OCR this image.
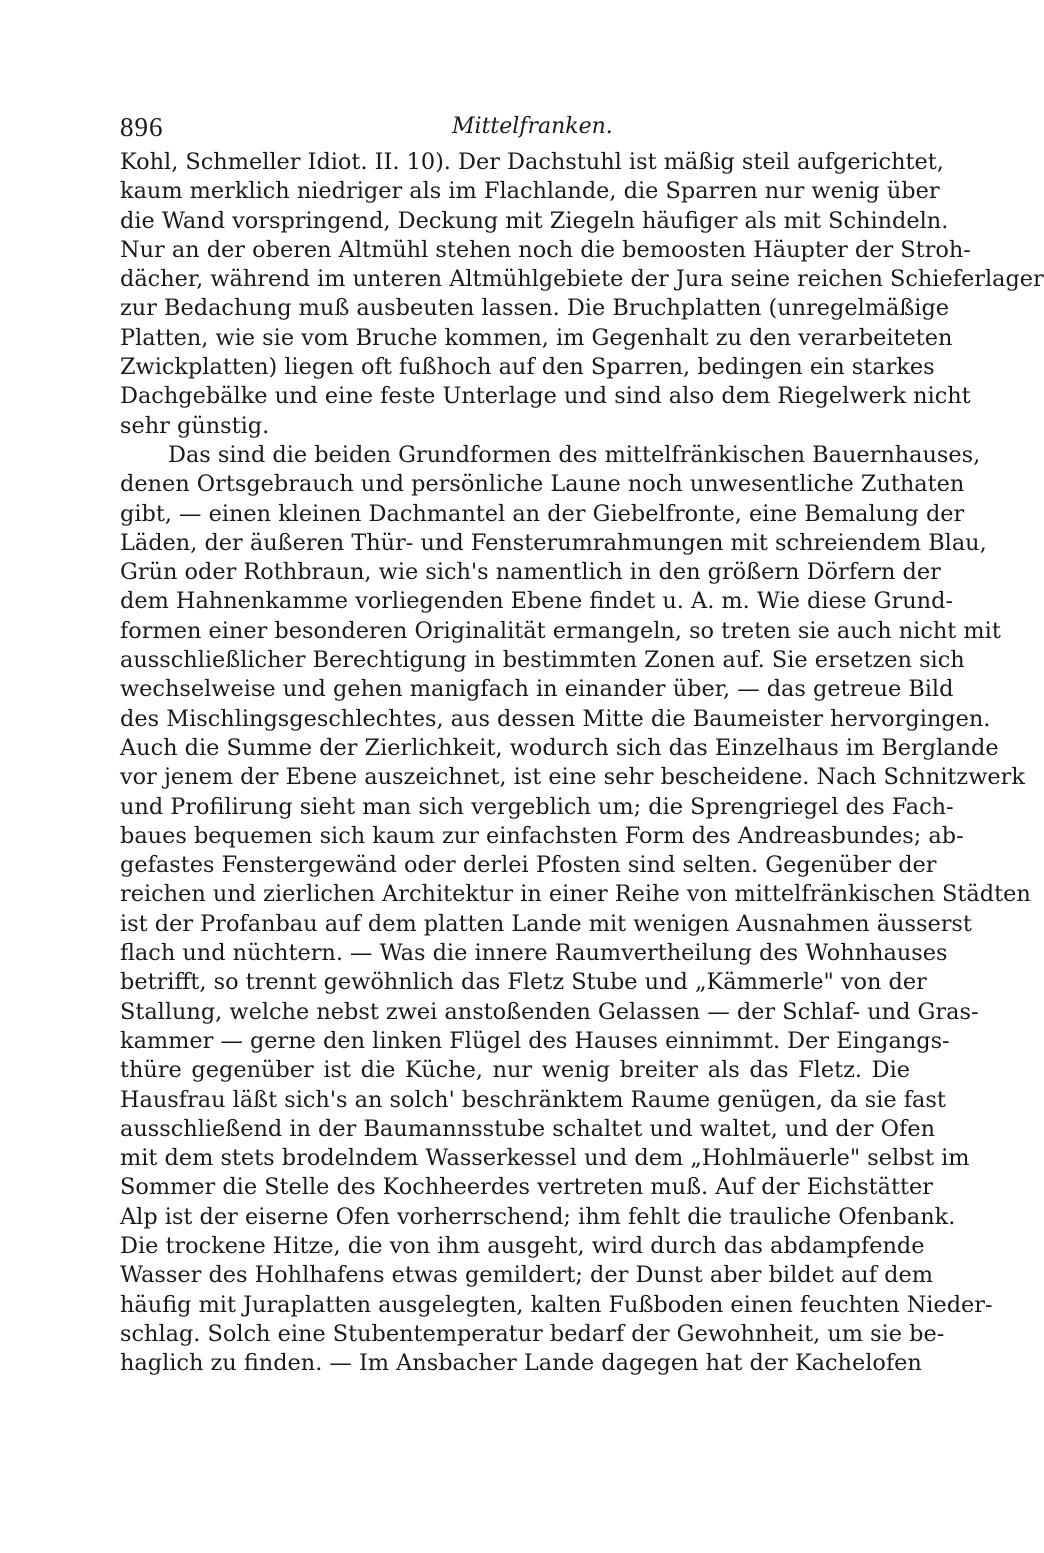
896	Mittelfranken.
Kohl, Schmeller Idiot. II. 10). Der Dachstuhl ist mäßig steil aufgerichtet,
kaum merklich niedriger als im Flachlande, die Sparren nur wenig über
die Wand vorspringend, Deckung mit Ziegeln häufiger als mit Schindeln.
Nur an der oberen Altmühl stehen noch die bemoosten Häupter der Stroh-
dächer, während im unteren Altmühlgebiete der Jura seine reichen Schieferlager
zur Bedachung muß ausbeuten lassen. Die Bruchplatten (unregelmäßige
Platten, wie sie vom Bruche kommen, im Gegenhalt zu den verarbeiteten
Zwickplatten) liegen oft fußhoch auf den Sparren, bedingen ein starkes
Dachgebälke und eine feste Unterlage und sind also dem Riegelwerk nicht
sehr günstig.
Das sind die beiden Grundformen des mittelfränkischen Bauernhauses,
denen Ortsgebrauch und persönliche Laune noch unwesentliche Zuthaten
gibt, — einen kleinen Dachmantel an der Giebelfronte, eine Bemalung der
Läden, der äußeren Thür- und Fensterumrahmungen mit schreiendem Blau,
Grün oder Rothbraun, wie sich's namentlich in den größern Dörfern der
dem Hahnenkamme vorliegenden Ebene findet u. A. m. Wie diese Grund-
formen einer besonderen Originalität ermangeln, so treten sie auch nicht mit
ausschließlicher Berechtigung in bestimmten Zonen auf. Sie ersetzen sich
wechselweise und gehen manigfach in einander über, — das getreue Bild
des Mischlingsgeschlechtes, aus dessen Mitte die Baumeister hervorgingen.
Auch die Summe der Zierlichkeit, wodurch sich das Einzelhaus im Berglande
vor jenem der Ebene auszeichnet, ist eine sehr bescheidene. Nach Schnitzwerk
und Profilirung sieht man sich vergeblich um; die Sprengriegel des Fach-
baues bequemen sich kaum zur einfachsten Form des Andreasbundes; ab-
gefastes Fenstergewänd oder derlei Pfosten sind selten. Gegenüber der
reichen und zierlichen Architektur in einer Reihe von mittelfränkischen Städten
ist der Profanbau auf dem platten Lande mit wenigen Ausnahmen äusserst
flach und nüchtern. — Was die innere Raumvertheilung des Wohnhauses
betrifft, so trennt gewöhnlich das Fletz Stube und „Kämmerle" von der
Stallung, welche nebst zwei anstoßenden Gelassen — der Schlaf- und Gras-
kammer — gerne den linken Flügel des Hauses einnimmt. Der Eingangs-
thüre gegenüber ist die Küche, nur wenig breiter als das Fletz. Die
Hausfrau läßt sich's an solch' beschränktem Raume genügen, da sie fast
ausschließend in der Baumannsstube schaltet und waltet, und der Ofen
mit dem stets brodelndem Wasserkessel und dem „Hohlmäuerle" selbst im
Sommer die Stelle des Kochheerdes vertreten muß. Auf der Eichstätter
Alp ist der eiserne Ofen vorherrschend; ihm fehlt die trauliche Ofenbank.
Die trockene Hitze, die von ihm ausgeht, wird durch das abdampfende
Wasser des Hohlhafens etwas gemildert; der Dunst aber bildet auf dem
häufig mit Juraplatten ausgelegten, kalten Fußboden einen feuchten Nieder-
schlag. Solch eine Stubentemperatur bedarf der Gewohnheit, um sie be-
haglich zu finden. — Im Ansbacher Lande dagegen hat der Kachelofen
